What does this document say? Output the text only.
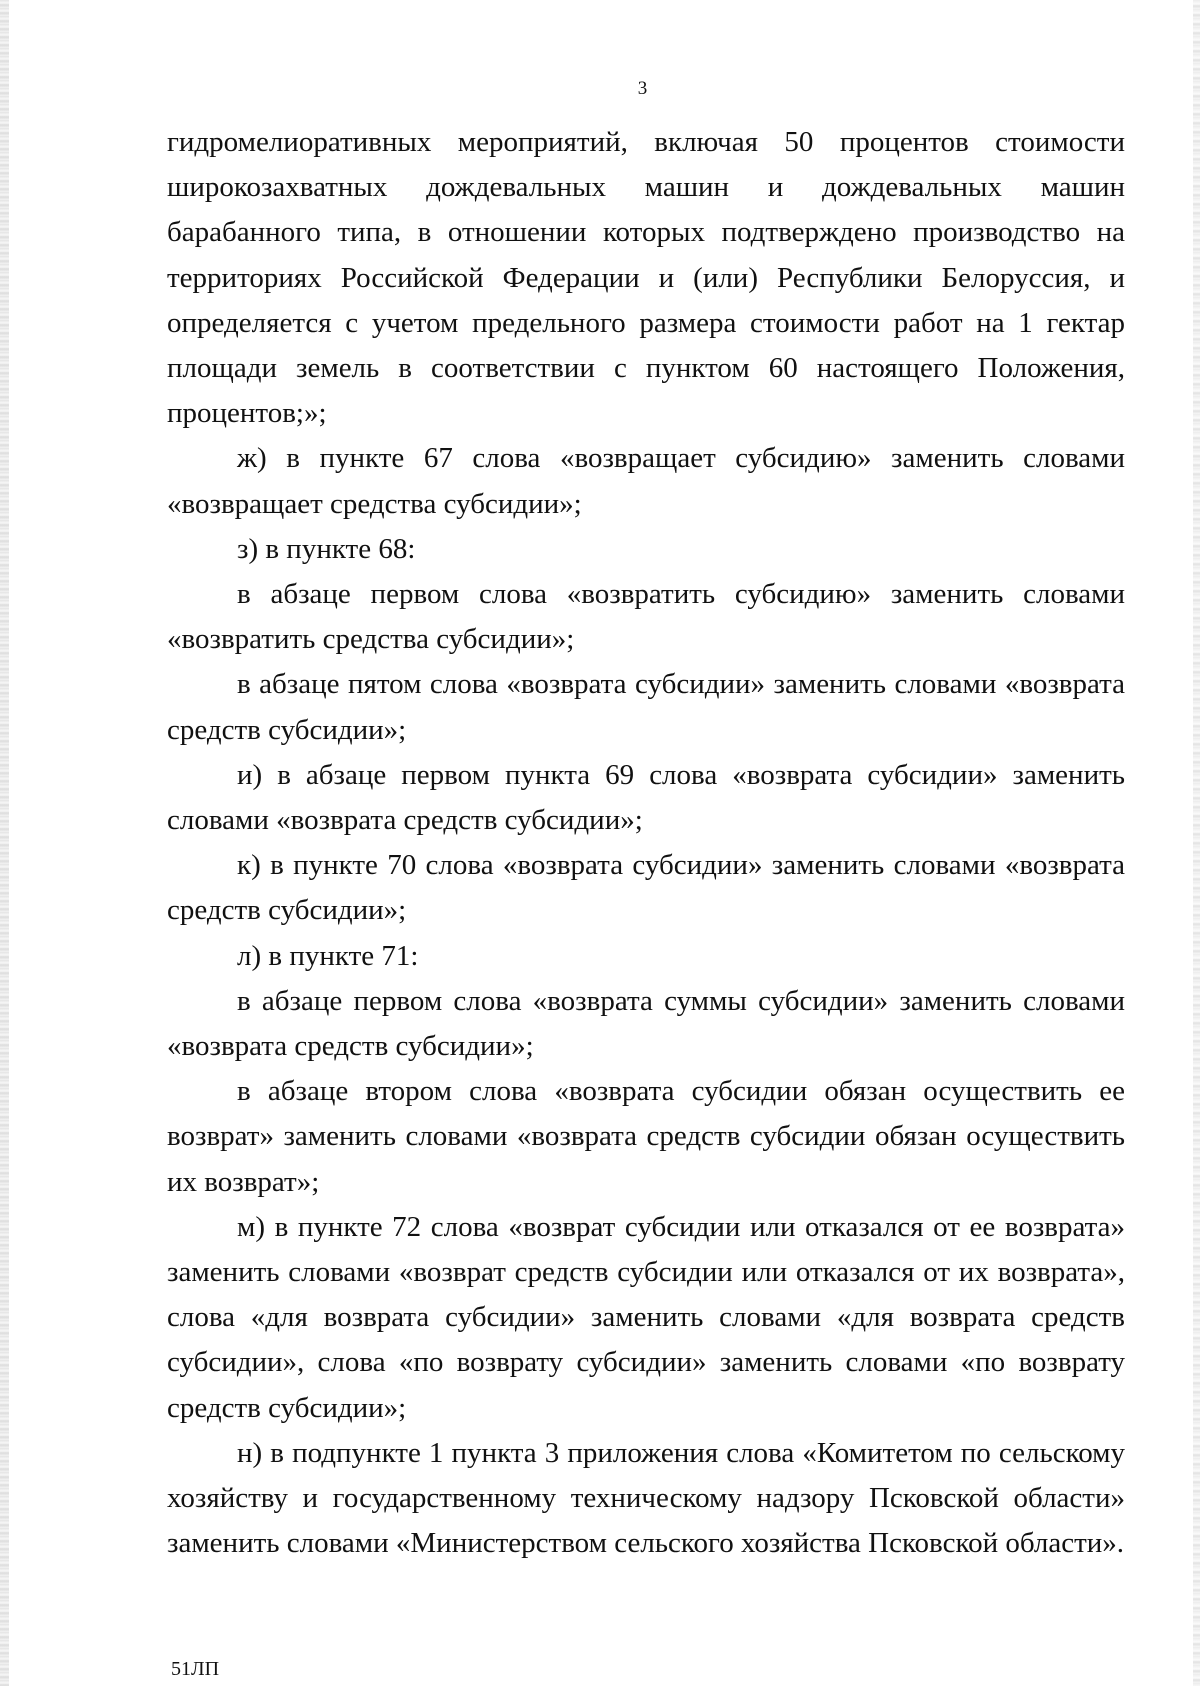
3

гидромелиоративных мероприятий, включая 50 процентов стоимости широкозахватных дождевальных машин и дождевальных машин барабанного типа, в отношении которых подтверждено производство на территориях Российской Федерации и (или) Республики Белоруссия, и определяется с учетом предельного размера стоимости работ на 1 гектар площади земель в соответствии с пунктом 60 настоящего Положения, процентов;»;

ж) в пункте 67 слова «возвращает субсидию» заменить словами «возвращает средства субсидии»;

з) в пункте 68:

в абзаце первом слова «возвратить субсидию» заменить словами «возвратить средства субсидии»;

в абзаце пятом слова «возврата субсидии» заменить словами «возврата средств субсидии»;

и) в абзаце первом пункта 69 слова «возврата субсидии» заменить словами «возврата средств субсидии»;

к) в пункте 70 слова «возврата субсидии» заменить словами «возврата средств субсидии»;

л) в пункте 71:

в абзаце первом слова «возврата суммы субсидии» заменить словами «возврата средств субсидии»;

в абзаце втором слова «возврата субсидии обязан осуществить ее возврат» заменить словами «возврата средств субсидии обязан осуществить их возврат»;

м) в пункте 72 слова «возврат субсидии или отказался от ее возврата» заменить словами «возврат средств субсидии или отказался от их возврата», слова «для возврата субсидии» заменить словами «для возврата средств субсидии», слова «по возврату субсидии» заменить словами «по возврату средств субсидии»;

н) в подпункте 1 пункта 3 приложения слова «Комитетом по сельскому хозяйству и государственному техническому надзору Псковской области» заменить словами «Министерством сельского хозяйства Псковской области».

51ЛП
